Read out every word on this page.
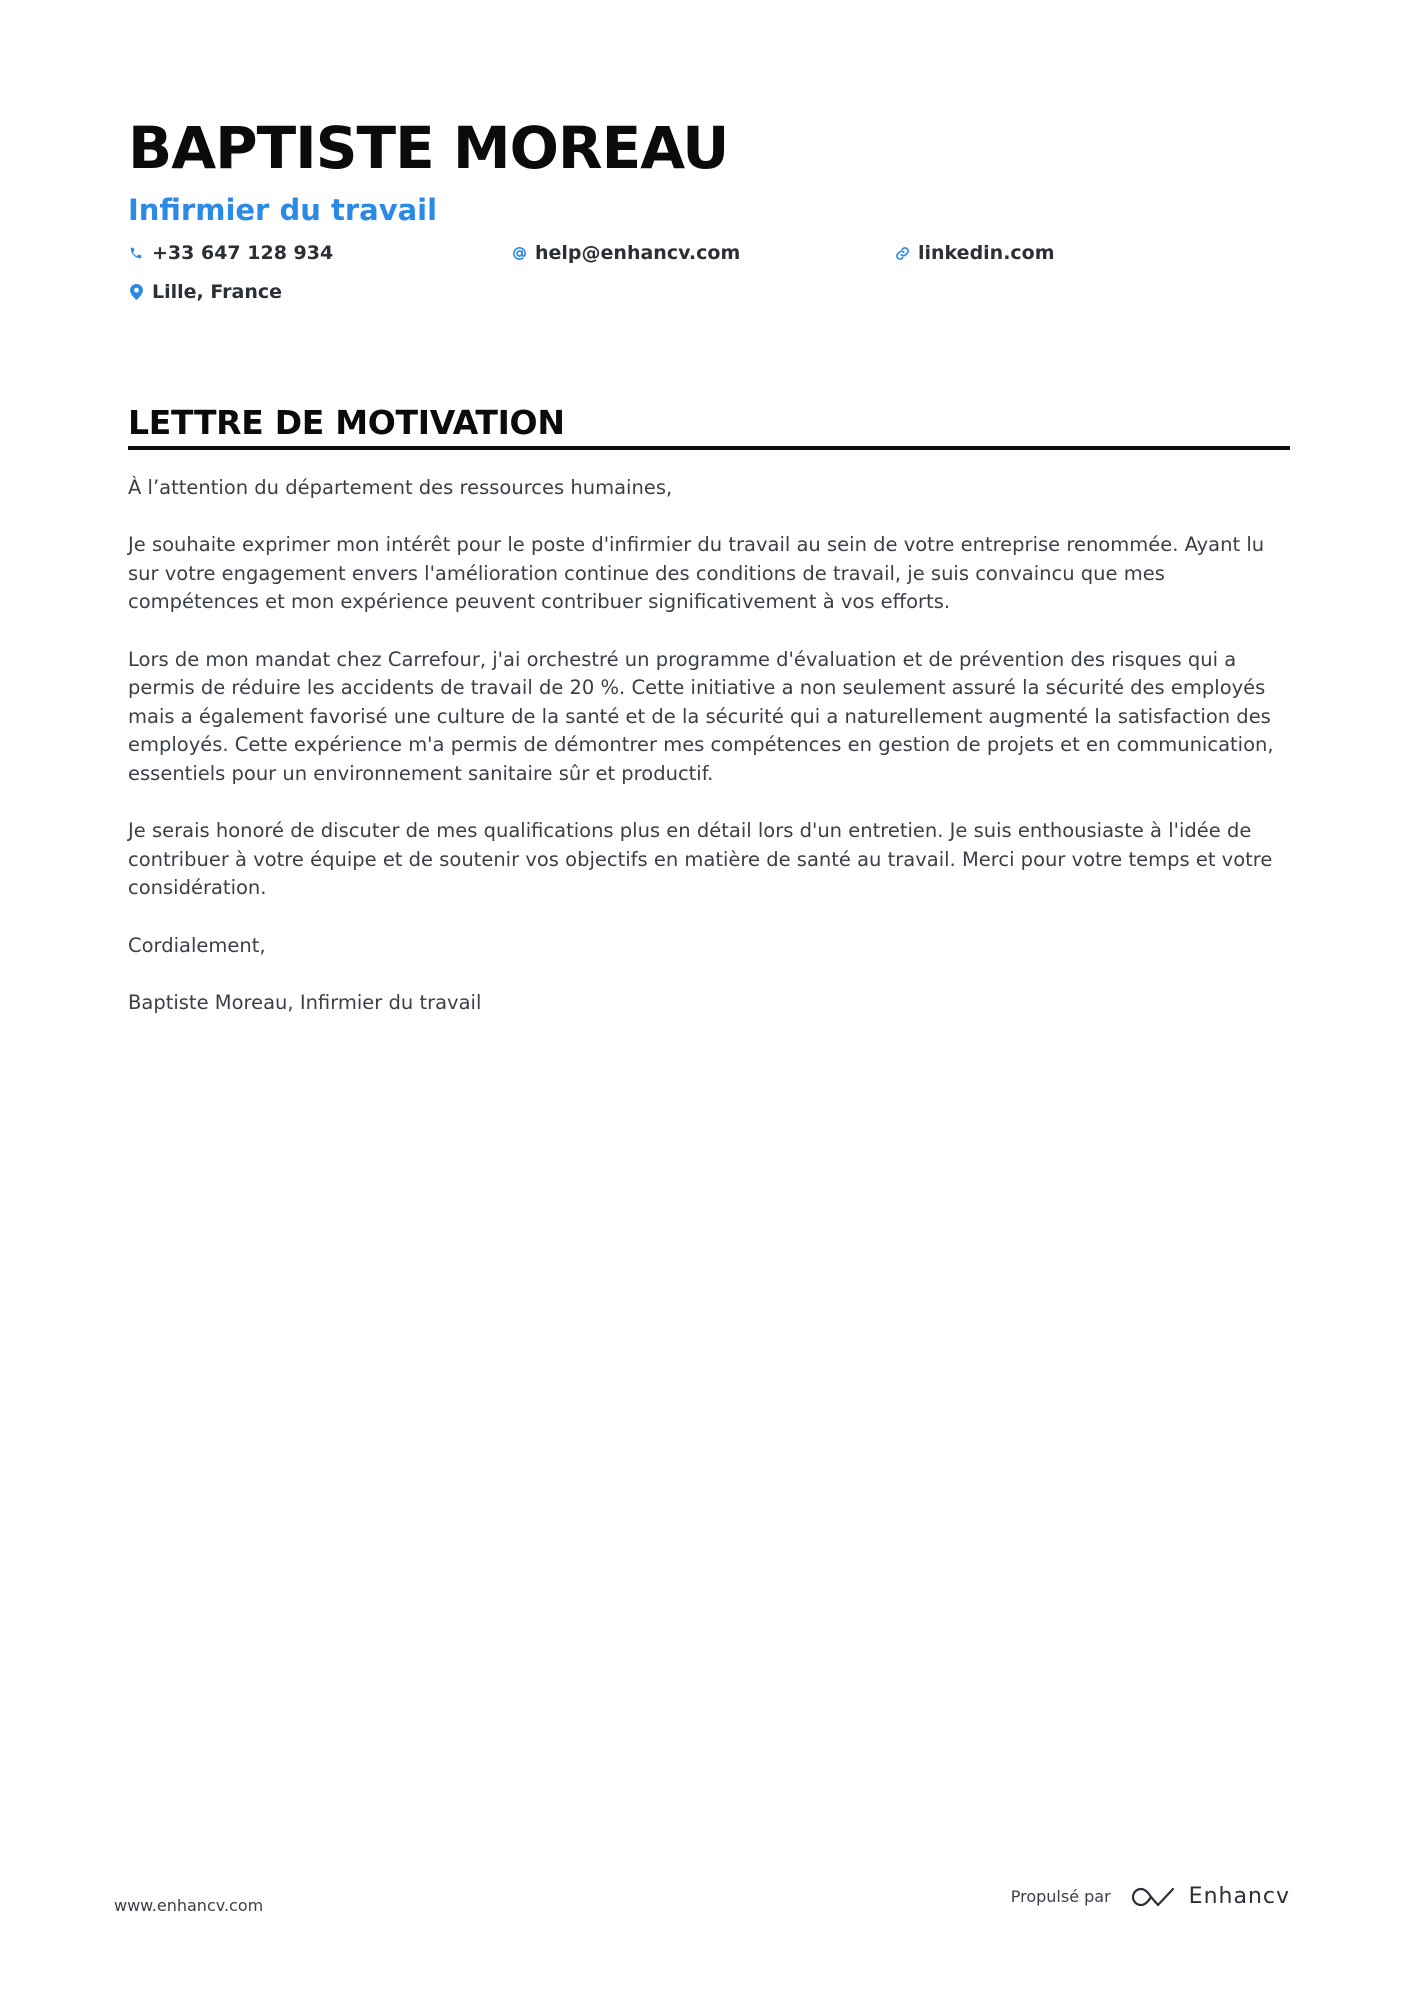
BAPTISTE MOREAU
Infirmier du travail
+33 647 128 934	help@enhancv.com	linkedin.com
Lille, France
LETTRE DE MOTIVATION

À l’attention du département des ressources humaines,

Je souhaite exprimer mon intérêt pour le poste d'infirmier du travail au sein de votre entreprise renommée. Ayant lu sur votre engagement envers l'amélioration continue des conditions de travail, je suis convaincu que mes compétences et mon expérience peuvent contribuer significativement à vos efforts.

Lors de mon mandat chez Carrefour, j'ai orchestré un programme d'évaluation et de prévention des risques qui a permis de réduire les accidents de travail de 20 %. Cette initiative a non seulement assuré la sécurité des employés mais a également favorisé une culture de la santé et de la sécurité qui a naturellement augmenté la satisfaction des employés. Cette expérience m'a permis de démontrer mes compétences en gestion de projets et en communication, essentiels pour un environnement sanitaire sûr et productif.

Je serais honoré de discuter de mes qualifications plus en détail lors d'un entretien. Je suis enthousiaste à l'idée de contribuer à votre équipe et de soutenir vos objectifs en matière de santé au travail. Merci pour votre temps et votre considération.

Cordialement,

Baptiste Moreau, Infirmier du travail

www.enhancv.com	Propulsé par	Enhancv
